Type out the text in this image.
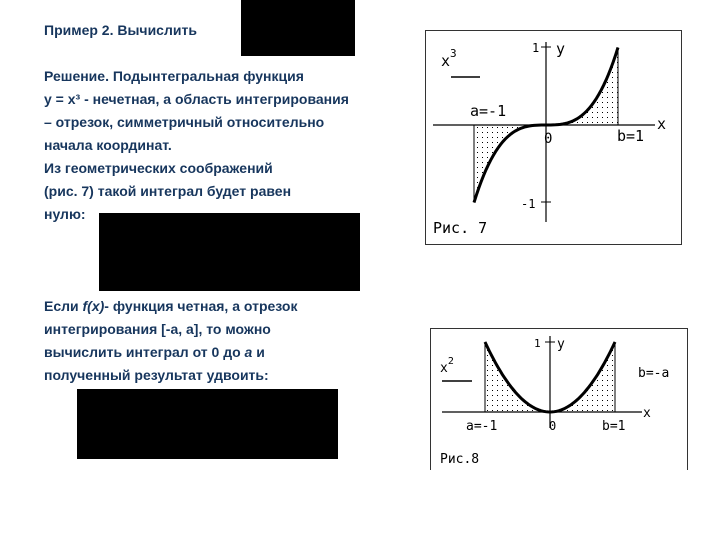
Пример 2. Вычислить
Решение. Подынтегральная функция
y = x³ - нечетная, а область интегрирования
– отрезок, симметричный относительно
начала координат.
Из геометрических соображений
(рис. 7) такой интеграл будет равен
нулю:
Если f(x)- функция четная, а отрезок
интегрирования [-a, a], то можно
вычислить интеграл от 0 до a и
полученный результат удвоить:
$x^3$	1 y
a=-1
0	b=1
x
-1
Рис. 7
$x^2$
1 y
b=-a
a=-1	0	b=1
x
Рис.8
